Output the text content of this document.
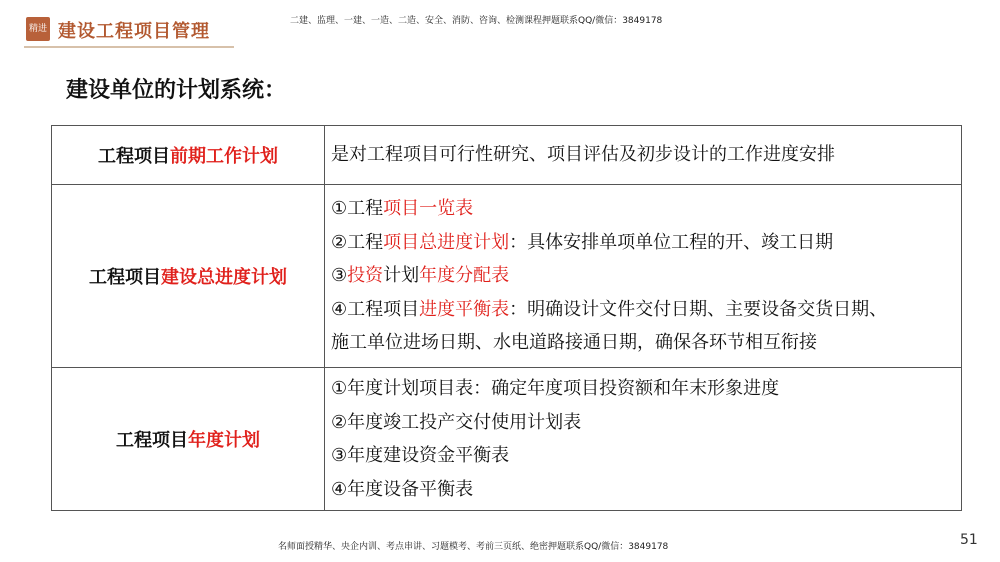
精进 建设工程项目管理	二建、监理、一建、一造、二造、安全、消防、咨询、检测课程押题联系QQ/微信：3849178
建设单位的计划系统：
工程项目前期工作计划	是对工程项目可行性研究、项目评估及初步设计的工作进度安排
工程项目建设总进度计划	①工程项目一览表
②工程项目总进度计划：具体安排单项单位工程的开、竣工日期
③投资计划年度分配表
④工程项目进度平衡表：明确设计文件交付日期、主要设备交货日期、
施工单位进场日期、水电道路接通日期，确保各环节相互衔接

工程项目年度计划	①年度计划项目表：确定年度项目投资额和年末形象进度
②年度竣工投产交付使用计划表
③年度建设资金平衡表
④年度设备平衡表
名师面授精华、央企内训、考点串讲、习题模考、考前三页纸、绝密押题联系QQ/微信：3849178	51
